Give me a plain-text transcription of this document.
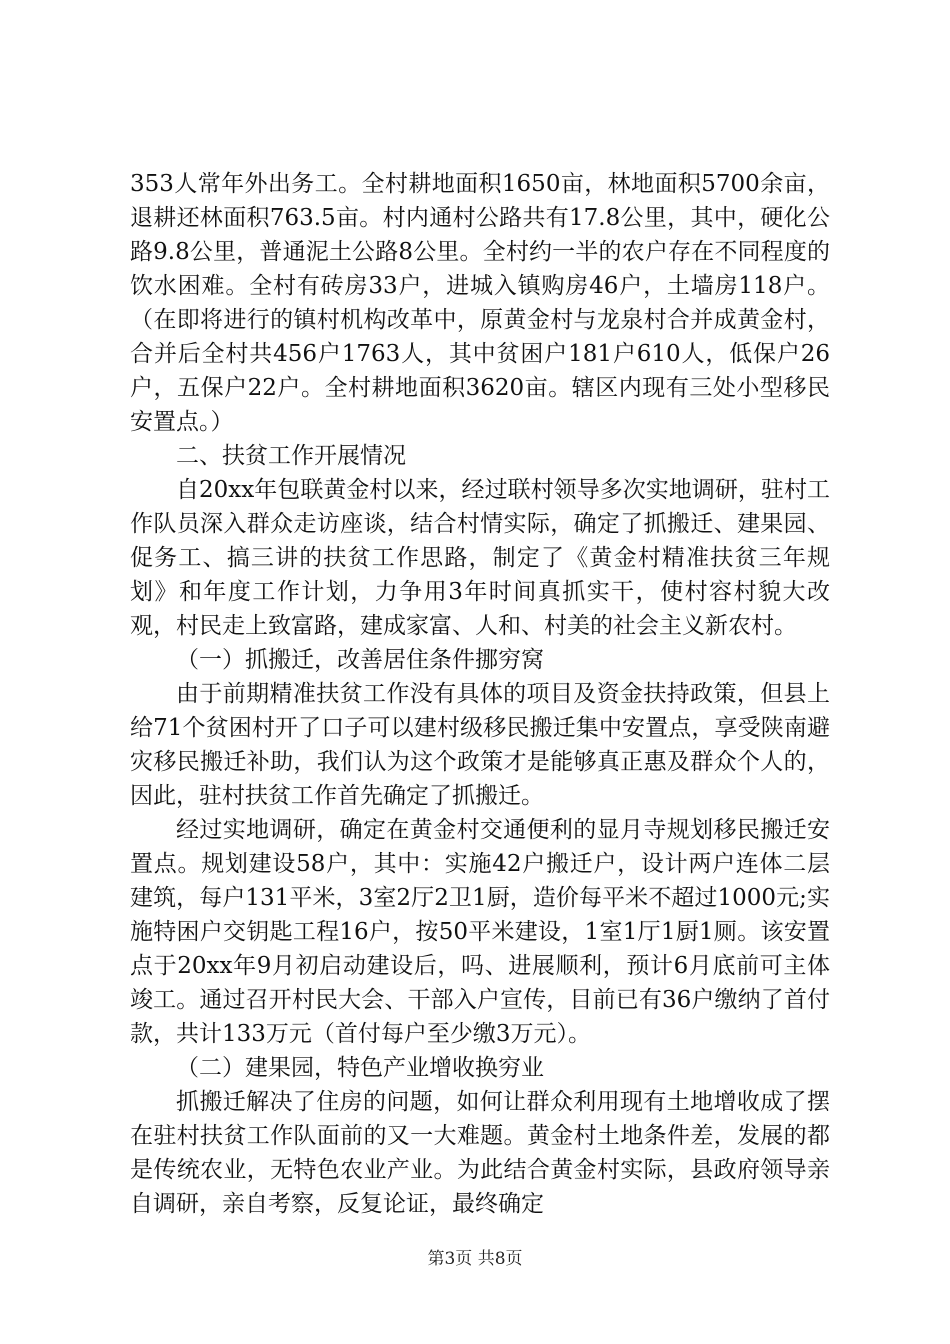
353人常年外出务工。全村耕地面积1650亩，林地面积5700余亩，退耕还林面积763.5亩。村内通村公路共有17.8公里，其中，硬化公路9.8公里，普通泥土公路8公里。全村约一半的农户存在不同程度的饮水困难。全村有砖房33户，进城入镇购房46户，土墙房118户。（在即将进行的镇村机构改革中，原黄金村与龙泉村合并成黄金村，合并后全村共456户1763人，其中贫困户181户610人，低保户26户，五保户22户。全村耕地面积3620亩。辖区内现有三处小型移民安置点。）

二、扶贫工作开展情况

自20xx年包联黄金村以来，经过联村领导多次实地调研，驻村工作队员深入群众走访座谈，结合村情实际，确定了抓搬迁、建果园、促务工、搞三讲的扶贫工作思路，制定了《黄金村精准扶贫三年规划》和年度工作计划，力争用3年时间真抓实干，使村容村貌大改观，村民走上致富路，建成家富、人和、村美的社会主义新农村。

（一）抓搬迁，改善居住条件挪穷窝

由于前期精准扶贫工作没有具体的项目及资金扶持政策，但县上给71个贫困村开了口子可以建村级移民搬迁集中安置点，享受陕南避灾移民搬迁补助，我们认为这个政策才是能够真正惠及群众个人的，因此，驻村扶贫工作首先确定了抓搬迁。

经过实地调研，确定在黄金村交通便利的显月寺规划移民搬迁安置点。规划建设58户，其中：实施42户搬迁户，设计两户连体二层建筑，每户131平米，3室2厅2卫1厨，造价每平米不超过1000元;实施特困户交钥匙工程16户，按50平米建设，1室1厅1厨1厕。该安置点于20xx年9月初启动建设后，吗、进展顺利，预计6月底前可主体竣工。通过召开村民大会、干部入户宣传，目前已有36户缴纳了首付款，共计133万元（首付每户至少缴3万元）。

（二）建果园，特色产业增收换穷业

抓搬迁解决了住房的问题，如何让群众利用现有土地增收成了摆在驻村扶贫工作队面前的又一大难题。黄金村土地条件差，发展的都是传统农业，无特色农业产业。为此结合黄金村实际，县政府领导亲自调研，亲自考察，反复论证，最终确定

第3页 共8页
